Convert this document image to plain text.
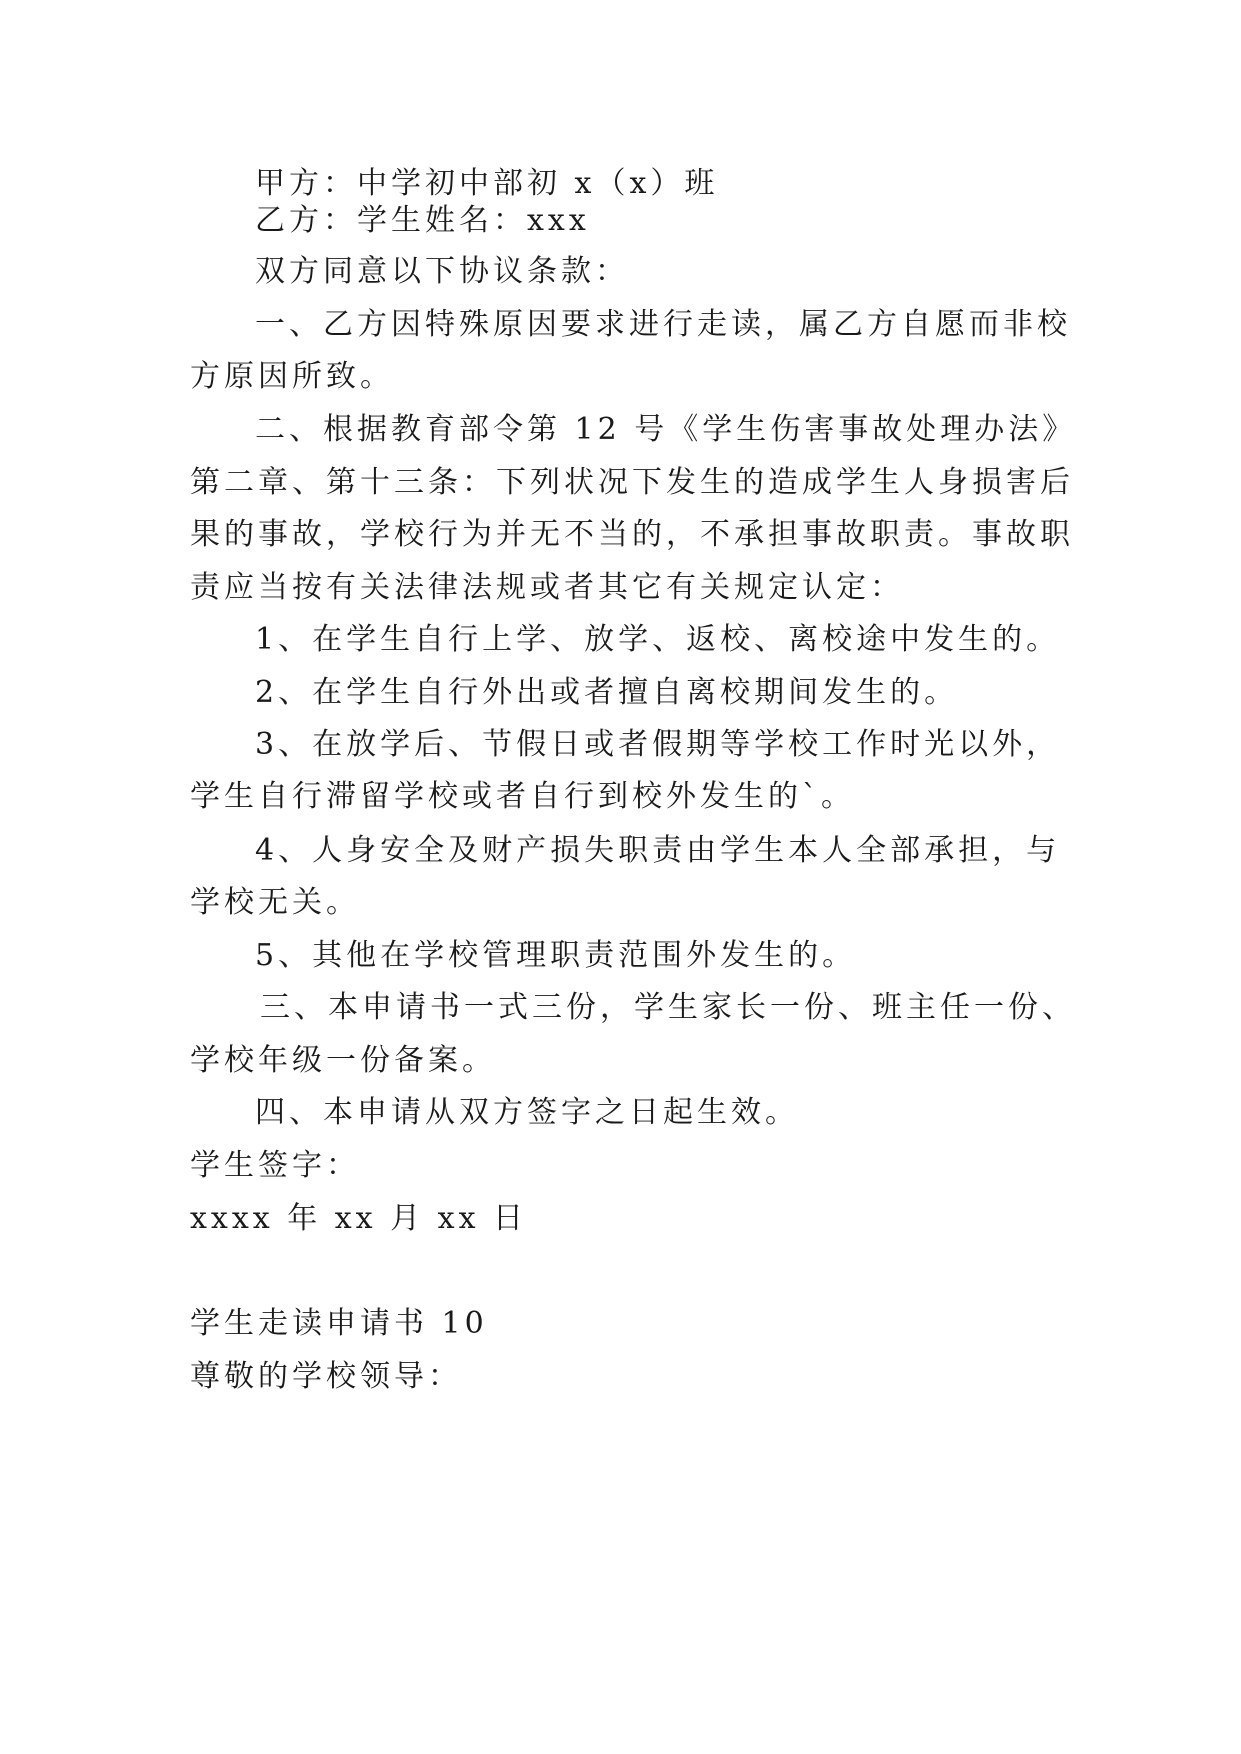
甲方：中学初中部初 x（x）班
乙方：学生姓名：xxx
双方同意以下协议条款：
一、乙方因特殊原因要求进行走读，属乙方自愿而非校
方原因所致。
二、根据教育部令第 12 号《学生伤害事故处理办法》
第二章、第十三条：下列状况下发生的造成学生人身损害后
果的事故，学校行为并无不当的，不承担事故职责。事故职
责应当按有关法律法规或者其它有关规定认定：
1、在学生自行上学、放学、返校、离校途中发生的。
2、在学生自行外出或者擅自离校期间发生的。
3、在放学后、节假日或者假期等学校工作时光以外，
学生自行滞留学校或者自行到校外发生的`。
4、人身安全及财产损失职责由学生本人全部承担，与
学校无关。
5、其他在学校管理职责范围外发生的。
三、本申请书一式三份，学生家长一份、班主任一份、
学校年级一份备案。
四、本申请从双方签字之日起生效。
学生签字：
xxxx 年 xx 月 xx 日
学生走读申请书 10
尊敬的学校领导：
